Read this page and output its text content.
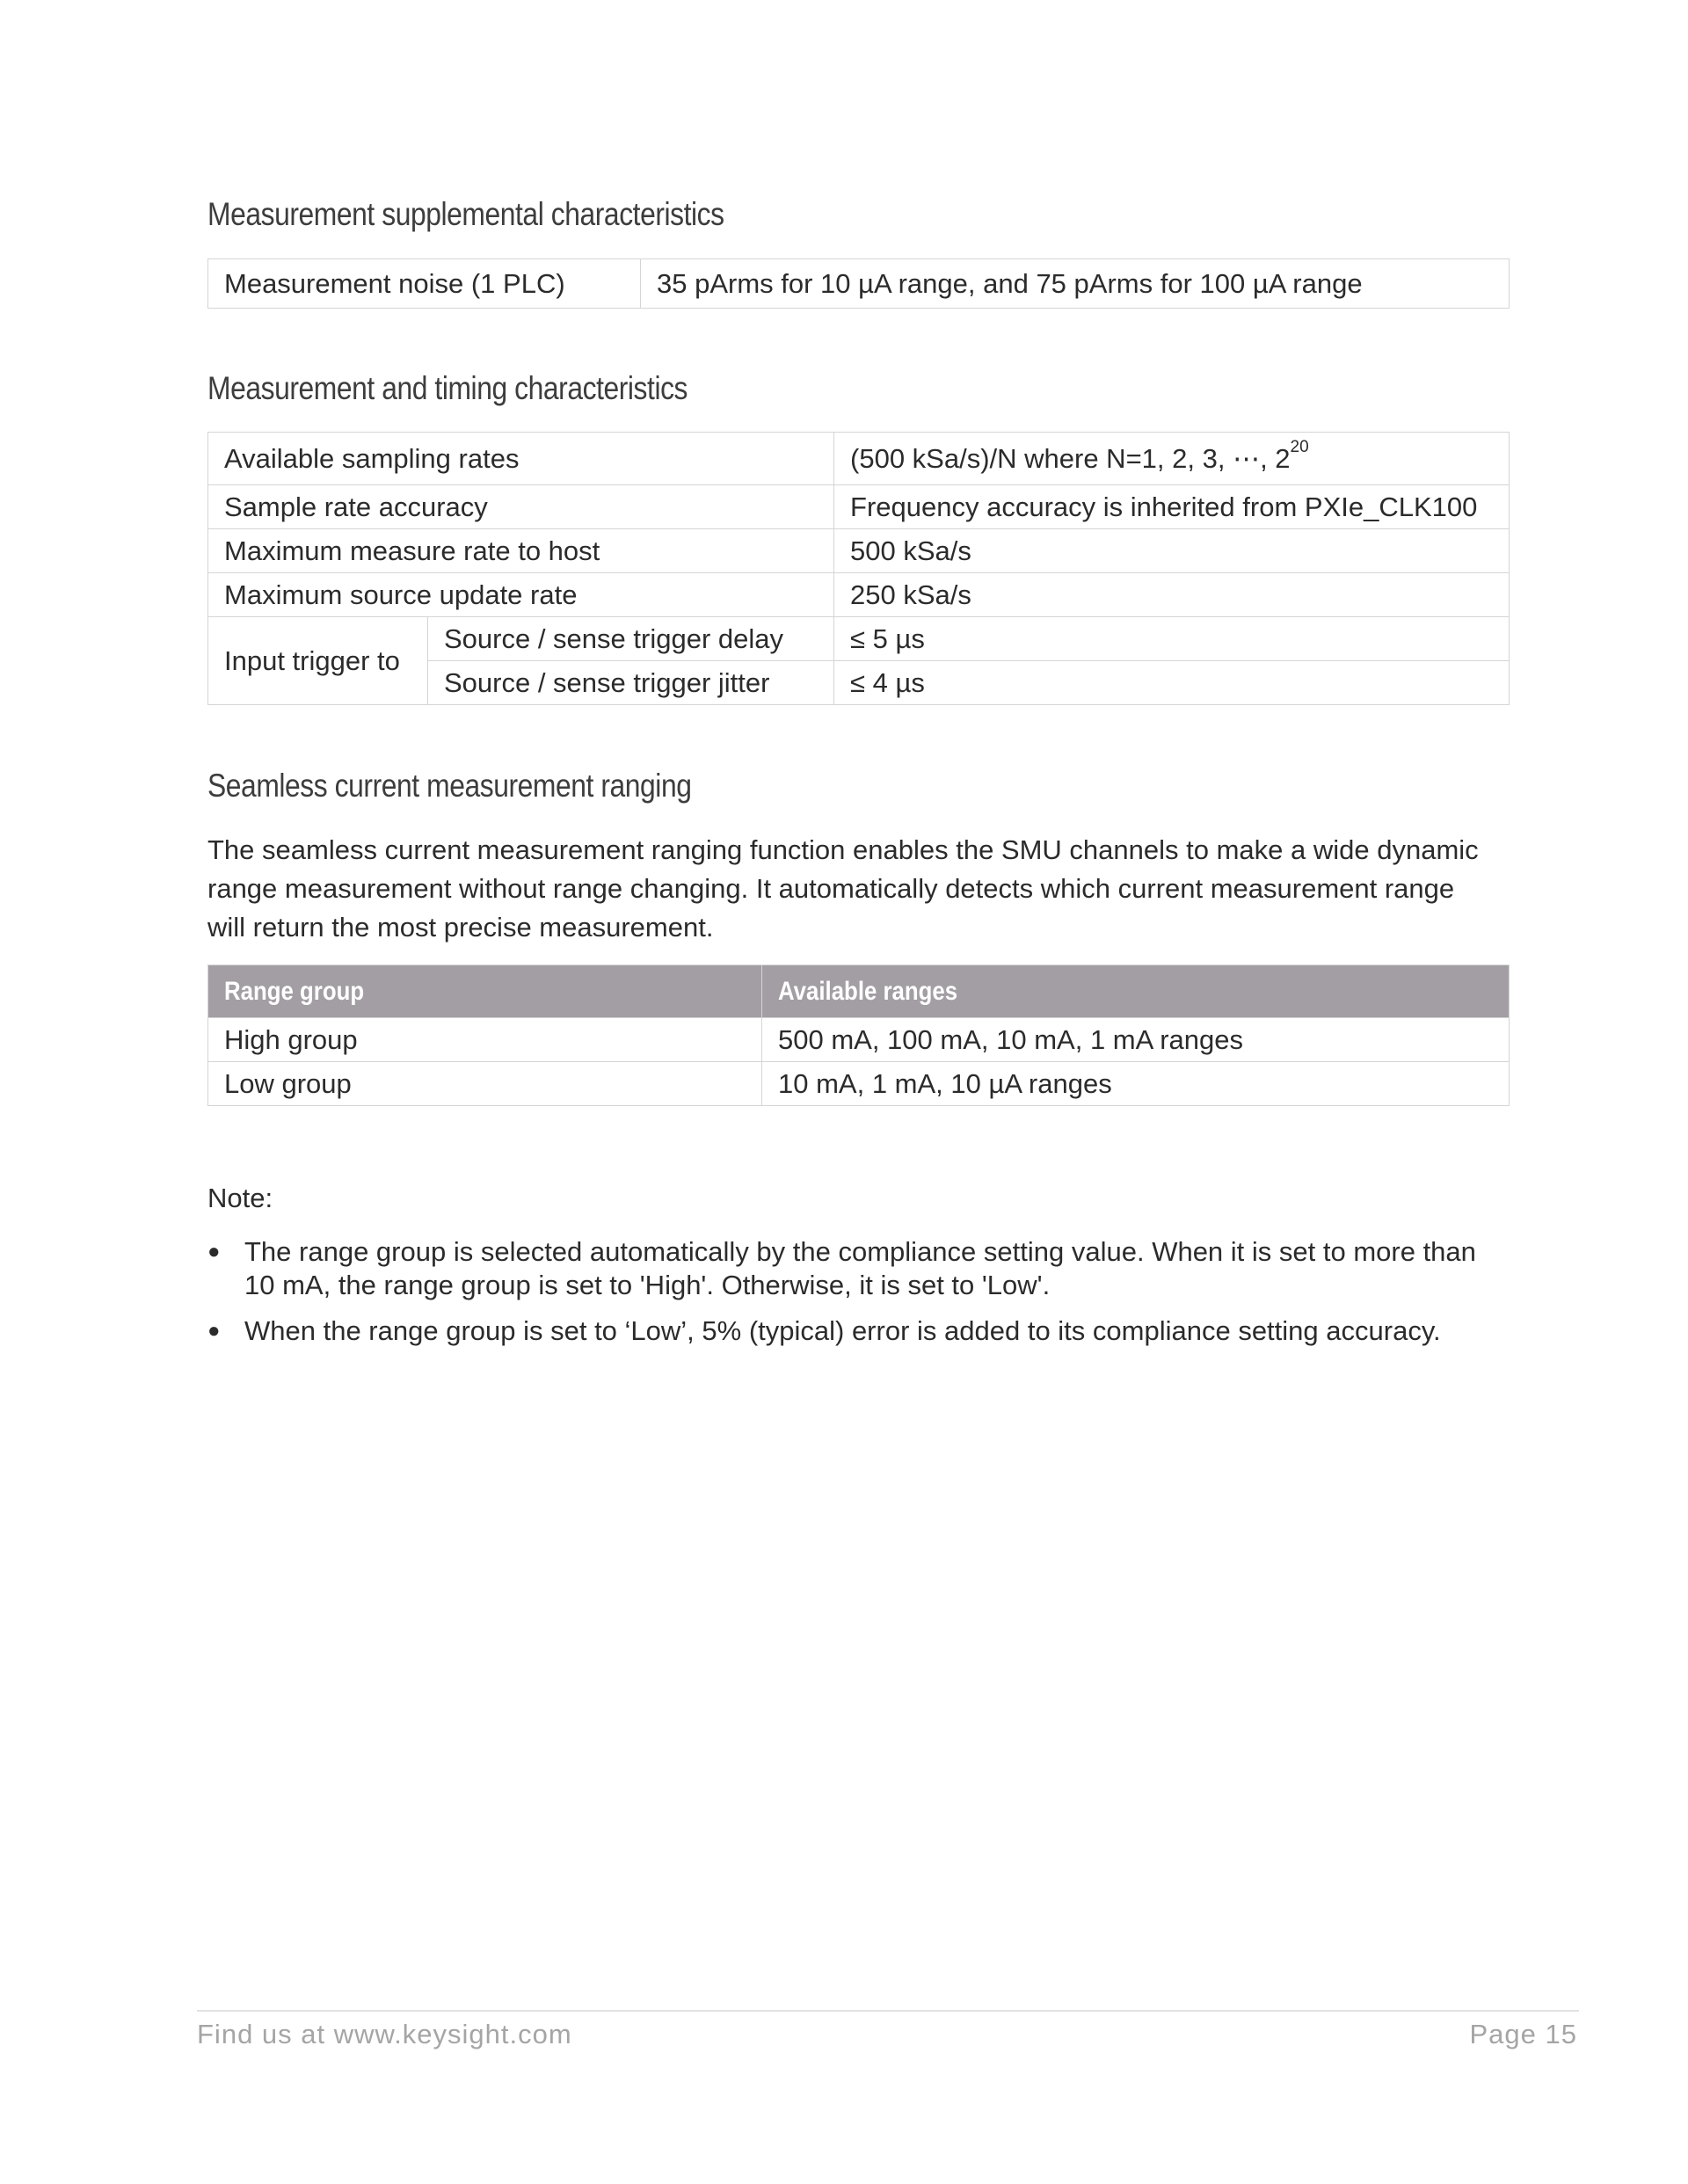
Measurement supplemental characteristics
Measurement noise (1 PLC)	35 pArms for 10 µA range, and 75 pArms for 100 µA range
Measurement and timing characteristics
Available sampling rates		(500 kSa/s)/N where N=1, 2, 3, ⋯, $2^{20}$
Sample rate accuracy		Frequency accuracy is inherited from PXIe_CLK100
Maximum measure rate to host		500 kSa/s
Maximum source update rate		250 kSa/s
Input trigger to	Source / sense trigger delay	≤ 5 µs
	Source / sense trigger jitter	≤ 4 µs
Seamless current measurement ranging
The seamless current measurement ranging function enables the SMU channels to make a wide dynamic
range measurement without range changing. It automatically detects which current measurement range
will return the most precise measurement.
Range group	Available ranges
High group	500 mA, 100 mA, 10 mA, 1 mA ranges
Low group	10 mA, 1 mA, 10 µA ranges

Note:

● The range group is selected automatically by the compliance setting value. When it is set to more than
10 mA, the range group is set to 'High'. Otherwise, it is set to 'Low'.
● When the range group is set to ‘Low’, 5% (typical) error is added to its compliance setting accuracy.
Find us at www.keysight.com	Page 15
